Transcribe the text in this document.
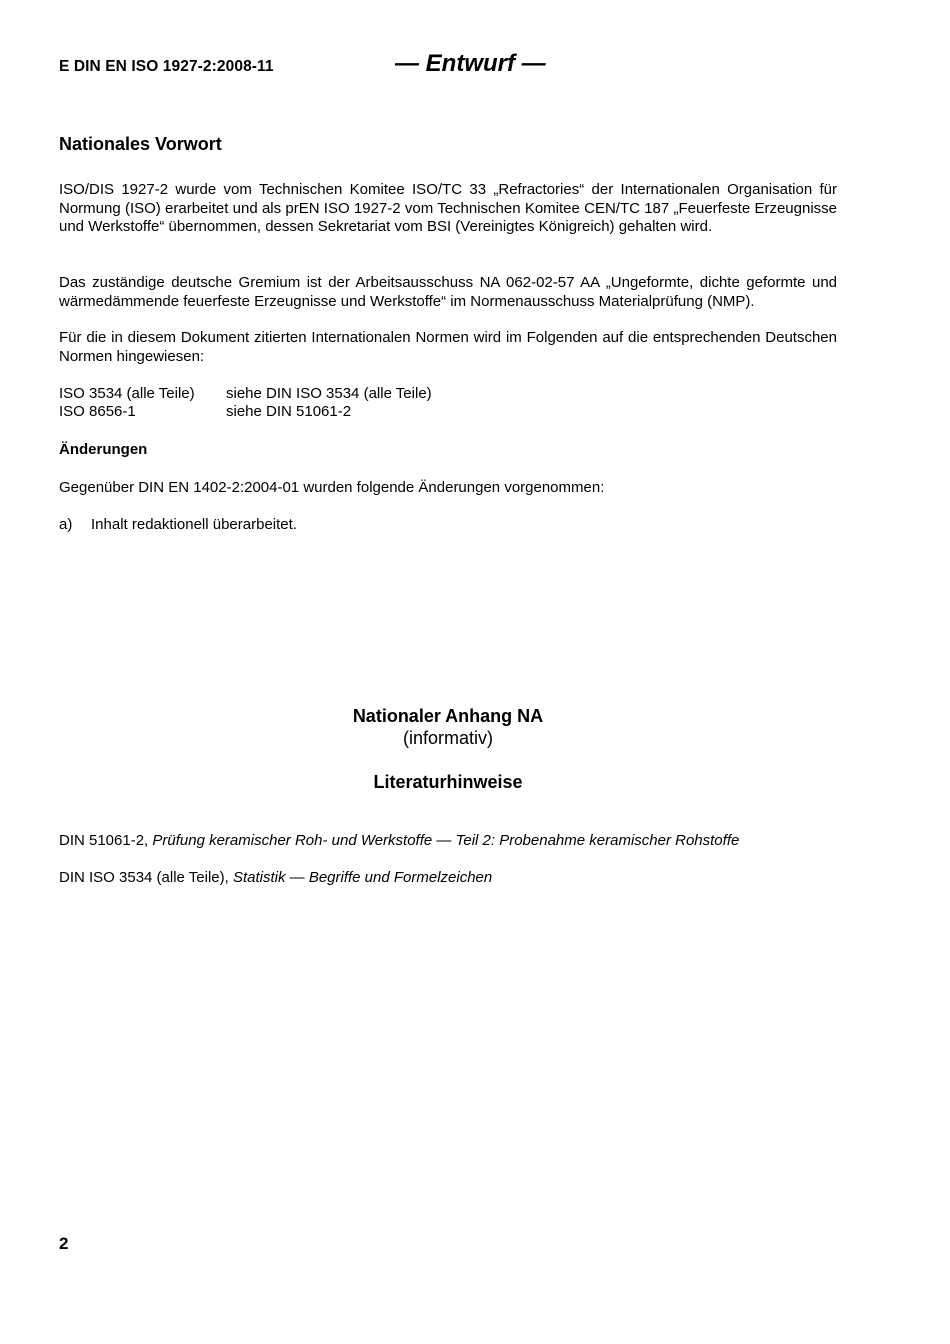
E DIN EN ISO 1927-2:2008-11	— Entwurf —
Nationales Vorwort
ISO/DIS 1927-2 wurde vom Technischen Komitee ISO/TC 33 „Refractories“ der Internationalen Organisation für Normung (ISO) erarbeitet und als prEN ISO 1927-2 vom Technischen Komitee CEN/TC 187 „Feuerfeste Erzeugnisse und Werkstoffe“ übernommen, dessen Sekretariat vom BSI (Vereinigtes Königreich) gehalten wird.
Das zuständige deutsche Gremium ist der Arbeitsausschuss NA 062-02-57 AA „Ungeformte, dichte geformte und wärmedämmende feuerfeste Erzeugnisse und Werkstoffe“ im Normenausschuss Materialprüfung (NMP).
Für die in diesem Dokument zitierten Internationalen Normen wird im Folgenden auf die entsprechenden Deutschen Normen hingewiesen:
ISO 3534 (alle Teile) siehe DIN ISO 3534 (alle Teile)
ISO 8656-1	siehe DIN 51061-2
Änderungen
Gegenüber DIN EN 1402-2:2004-01 wurden folgende Änderungen vorgenommen:
a) Inhalt redaktionell überarbeitet.
Nationaler Anhang NA
(informativ)
Literaturhinweise
DIN 51061-2, Prüfung keramischer Roh- und Werkstoffe — Teil 2: Probenahme keramischer Rohstoffe
DIN ISO 3534 (alle Teile), Statistik — Begriffe und Formelzeichen
2
